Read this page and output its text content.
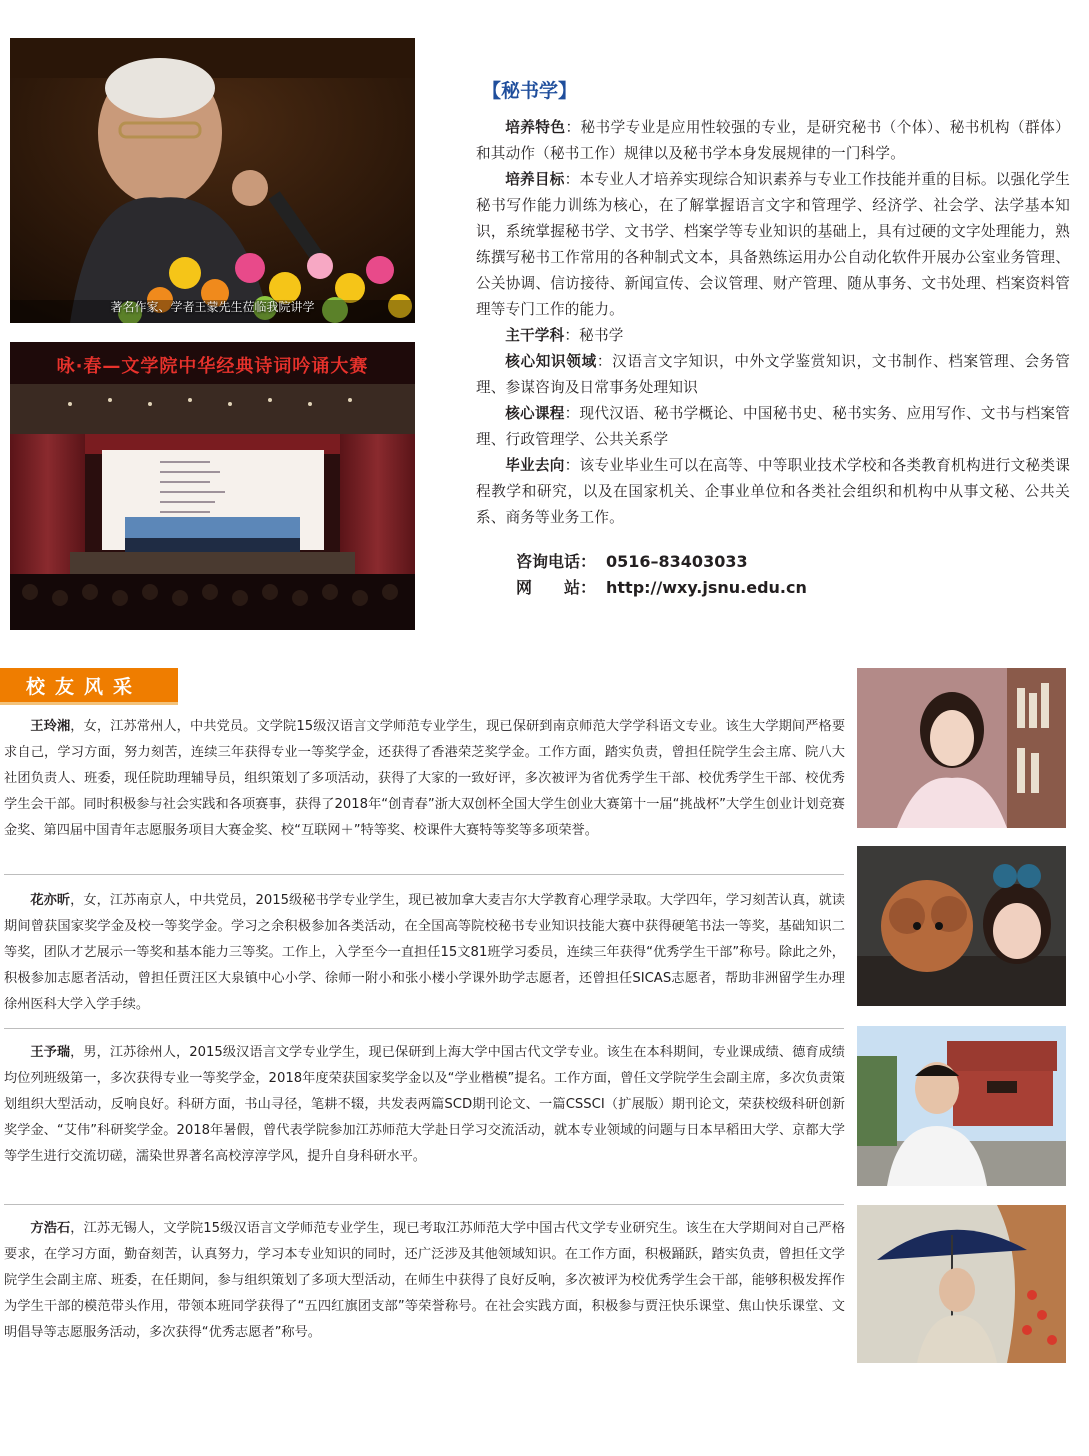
著名作家、学者王蒙先生莅临我院讲学
咏·春—文学院中华经典诗词吟诵大赛
【秘书学】

培养特色：秘书学专业是应用性较强的专业，是研究秘书（个体）、秘书机构（群体）和其动作（秘书工作）规律以及秘书学本身发展规律的一门科学。

培养目标：本专业人才培养实现综合知识素养与专业工作技能并重的目标。以强化学生秘书写作能力训练为核心，在了解掌握语言文字和管理学、经济学、社会学、法学基本知识，系统掌握秘书学、文书学、档案学等专业知识的基础上，具有过硬的文字处理能力，熟练撰写秘书工作常用的各种制式文本，具备熟练运用办公自动化软件开展办公室业务管理、公关协调、信访接待、新闻宣传、会议管理、财产管理、随从事务、文书处理、档案资料管理等专门工作的能力。

主干学科：秘书学

核心知识领域：汉语言文字知识，中外文学鉴赏知识，文书制作、档案管理、会务管理、参谋咨询及日常事务处理知识

核心课程：现代汉语、秘书学概论、中国秘书史、秘书实务、应用写作、文书与档案管理、行政管理学、公共关系学

毕业去向：该专业毕业生可以在高等、中等职业技术学校和各类教育机构进行文秘类课程教学和研究，以及在国家机关、企事业单位和各类社会组织和机构中从事文秘、公共关系、商务等业务工作。

咨询电话： 0516–83403033
网　　站： http://wxy.jsnu.edu.cn
校友风采

王玲湘，女，江苏常州人，中共党员。文学院15级汉语言文学师范专业学生，现已保研到南京师范大学学科语文专业。该生大学期间严格要求自己，学习方面，努力刻苦，连续三年获得专业一等奖学金，还获得了香港荣芝奖学金。工作方面，踏实负责，曾担任院学生会主席、院八大社团负责人、班委，现任院助理辅导员，组织策划了多项活动，获得了大家的一致好评，多次被评为省优秀学生干部、校优秀学生干部、校优秀学生会干部。同时积极参与社会实践和各项赛事，获得了2018年“创青春”浙大双创杯全国大学生创业大赛第十一届“挑战杯”大学生创业计划竞赛金奖、第四届中国青年志愿服务项目大赛金奖、校“互联网＋”特等奖、校课件大赛特等奖等多项荣誉。

花亦昕，女，江苏南京人，中共党员，2015级秘书学专业学生，现已被加拿大麦吉尔大学教育心理学录取。大学四年，学习刻苦认真，就读期间曾获国家奖学金及校一等奖学金。学习之余积极参加各类活动，在全国高等院校秘书专业知识技能大赛中获得硬笔书法一等奖，基础知识二等奖，团队才艺展示一等奖和基本能力三等奖。工作上，入学至今一直担任15文81班学习委员，连续三年获得“优秀学生干部”称号。除此之外，积极参加志愿者活动，曾担任贾汪区大泉镇中心小学、徐师一附小和张小楼小学课外助学志愿者，还曾担任SICAS志愿者，帮助非洲留学生办理徐州医科大学入学手续。

王予瑞，男，江苏徐州人，2015级汉语言文学专业学生，现已保研到上海大学中国古代文学专业。该生在本科期间，专业课成绩、德育成绩均位列班级第一，多次获得专业一等奖学金，2018年度荣获国家奖学金以及“学业楷模”提名。工作方面，曾任文学院学生会副主席，多次负责策划组织大型活动，反响良好。科研方面，书山寻径，笔耕不辍，共发表两篇SCD期刊论文、一篇CSSCI（扩展版）期刊论文，荣获校级科研创新奖学金、“艾伟”科研奖学金。2018年暑假，曾代表学院参加江苏师范大学赴日学习交流活动，就本专业领域的问题与日本早稻田大学、京都大学等学生进行交流切磋，濡染世界著名高校淳淳学风，提升自身科研水平。

方浩石，江苏无锡人，文学院15级汉语言文学师范专业学生，现已考取江苏师范大学中国古代文学专业研究生。该生在大学期间对自己严格要求，在学习方面，勤奋刻苦，认真努力，学习本专业知识的同时，还广泛涉及其他领域知识。在工作方面，积极踊跃，踏实负责，曾担任文学院学生会副主席、班委，在任期间，参与组织策划了多项大型活动，在师生中获得了良好反响，多次被评为校优秀学生会干部，能够积极发挥作为学生干部的模范带头作用，带领本班同学获得了“五四红旗团支部”等荣誉称号。在社会实践方面，积极参与贾汪快乐课堂、焦山快乐课堂、文明倡导等志愿服务活动，多次获得“优秀志愿者”称号。
